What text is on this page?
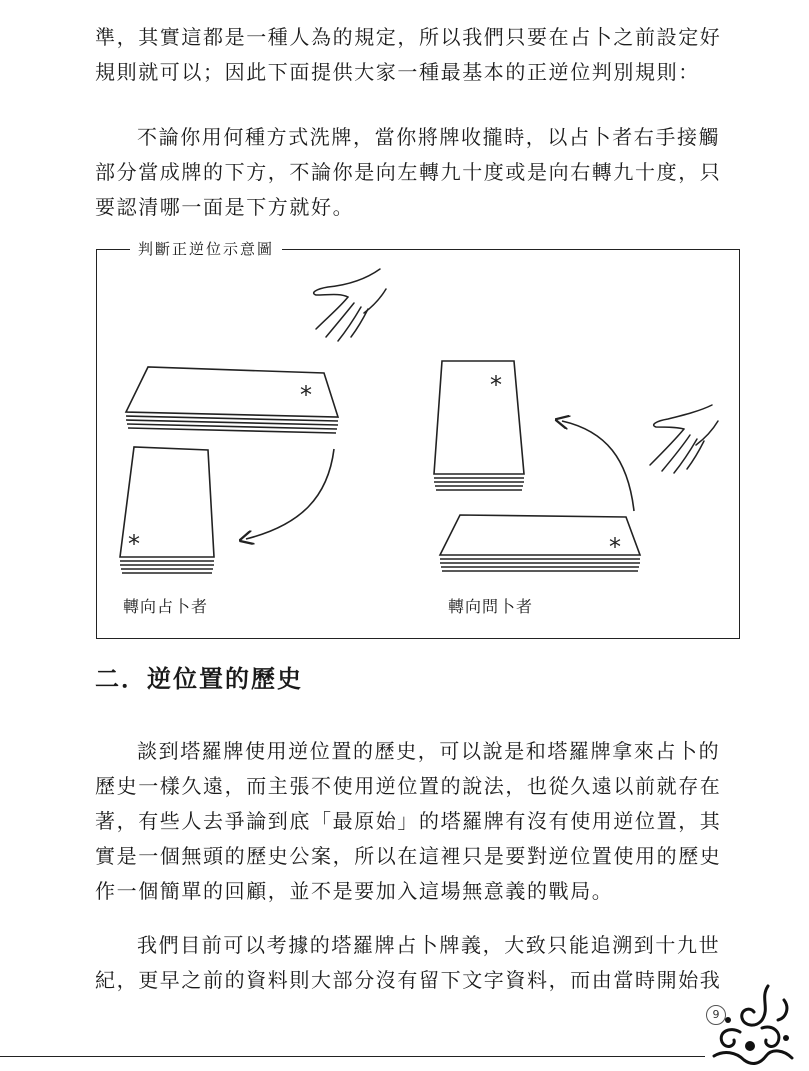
準，其實這都是一種人為的規定，所以我們只要在占卜之前設定好
規則就可以；因此下面提供大家一種最基本的正逆位判別規則：

不論你用何種方式洗牌，當你將牌收攏時，以占卜者右手接觸
部分當成牌的下方，不論你是向左轉九十度或是向右轉九十度，只
要認清哪一面是下方就好。

*
*
*
*
判斷正逆位示意圖
轉向占卜者	轉向問卜者
二．逆位置的歷史

談到塔羅牌使用逆位置的歷史，可以說是和塔羅牌拿來占卜的
歷史一樣久遠，而主張不使用逆位置的說法，也從久遠以前就存在
著，有些人去爭論到底「最原始」的塔羅牌有沒有使用逆位置，其
實是一個無頭的歷史公案，所以在這裡只是要對逆位置使用的歷史
作一個簡單的回顧，並不是要加入這場無意義的戰局。

我們目前可以考據的塔羅牌占卜牌義，大致只能追溯到十九世
紀，更早之前的資料則大部分沒有留下文字資料，而由當時開始我

9
